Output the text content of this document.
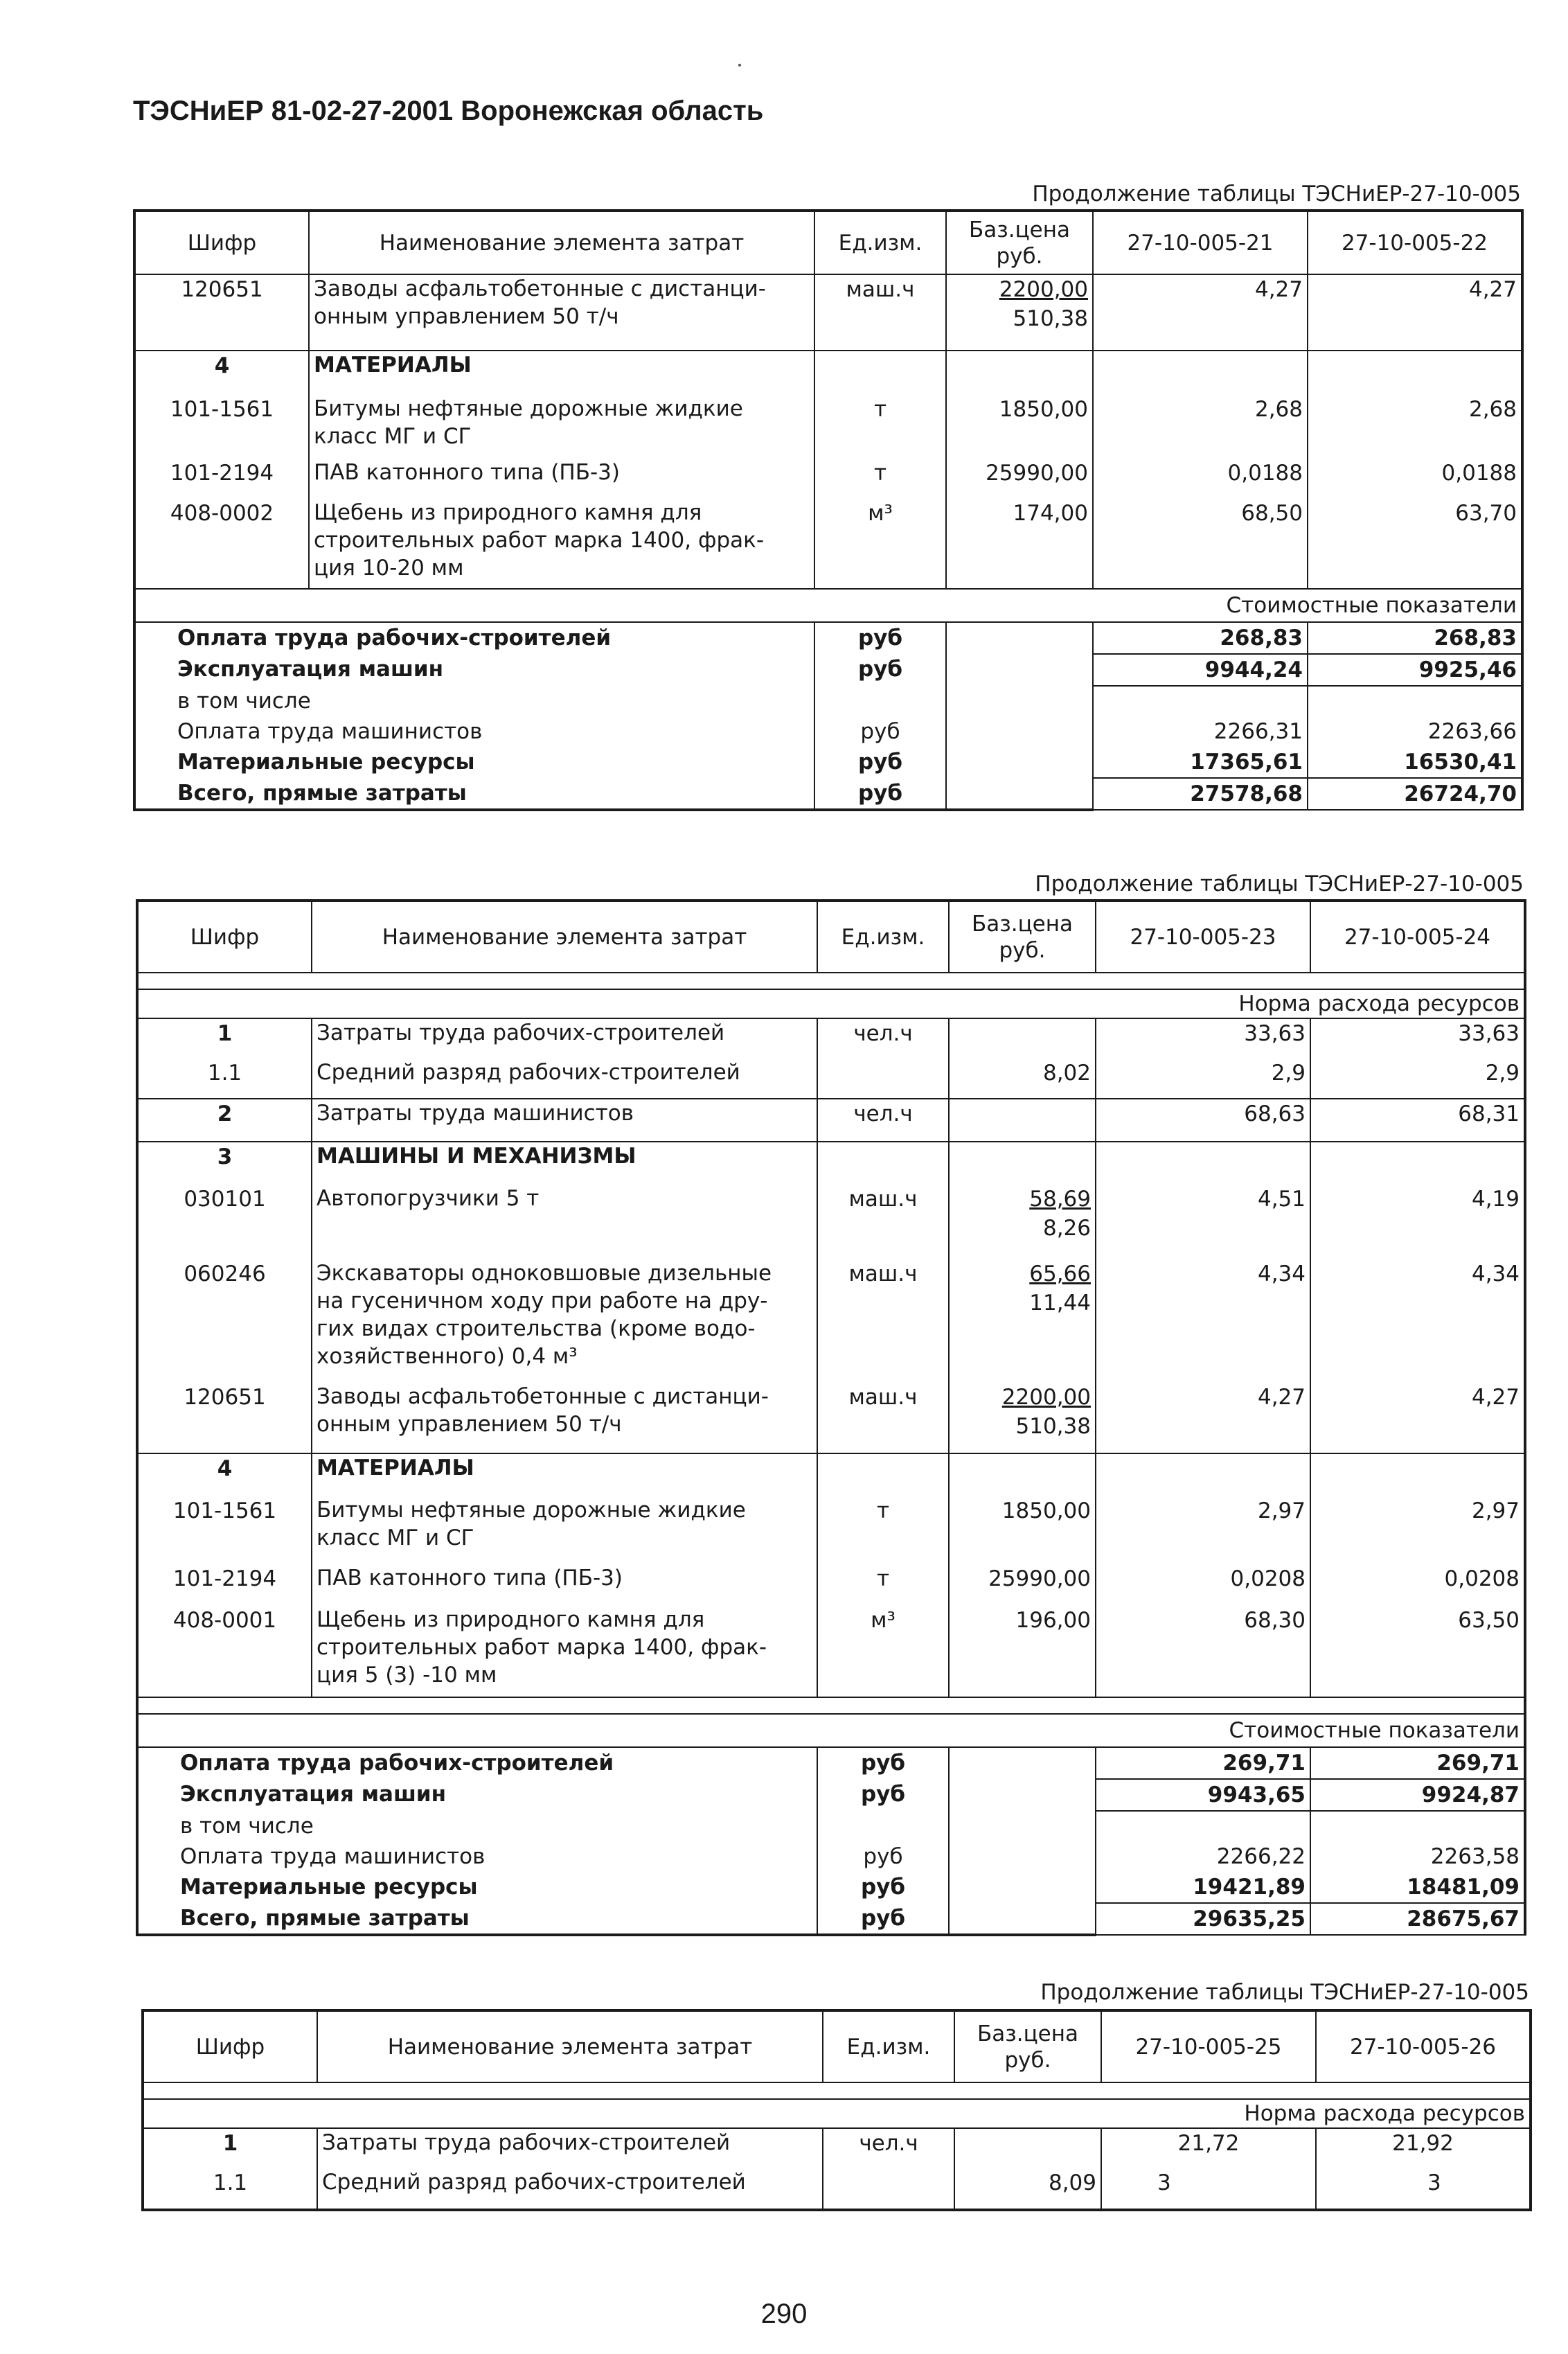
ТЭСНиЕР 81-02-27-2001 Воронежская область
Продолжение таблицы ТЭСНиЕР-27-10-005
Шифр	Наименование элемента затрат	Ед.изм.	Баз.цена руб.	27-10-005-21	27-10-005-22
120651	Заводы асфальтобетонные с дистанци-
онным управлением 50 т/ч	маш.ч	2200,00
510,38	4,27	4,27
4	МАТЕРИАЛЫ				
101-1561	Битумы нефтяные дорожные жидкие
класс МГ и СГ	т	1850,00	2,68	2,68
101-2194	ПАВ катонного типа (ПБ-3)	т	25990,00	0,0188	0,0188
408-0002	Щебень из природного камня для
строительных работ марка 1400, фрак-
ция 10-20 мм	м³	174,00	68,50	63,70
Стоимостные показатели					
Оплата труда рабочих-строителей		руб		268,83	268,83
Эксплуатация машин		руб		9944,24	9925,46
в том числе					
Оплата труда машинистов		руб		2266,31	2263,66
Материальные ресурсы		руб		17365,61	16530,41
Всего, прямые затраты		руб		27578,68	26724,70
Продолжение таблицы ТЭСНиЕР-27-10-005
Шифр	Наименование элемента затрат	Ед.изм.	Баз.цена руб.	27-10-005-23	27-10-005-24

Норма расхода ресурсов					
1	Затраты труда рабочих-строителей	чел.ч		33,63	33,63
1.1	Средний разряд рабочих-строителей		8,02	2,9	2,9
2	Затраты труда машинистов	чел.ч		68,63	68,31
3	МАШИНЫ И МЕХАНИЗМЫ				
030101	Автопогрузчики 5 т	маш.ч	58,69
8,26	4,51	4,19
060246	Экскаваторы одноковшовые дизельные
на гусеничном ходу при работе на дру-
гих видах строительства (кроме водо-
хозяйственного) 0,4 м³	маш.ч	65,66
11,44	4,34	4,34
120651	Заводы асфальтобетонные с дистанци-
онным управлением 50 т/ч	маш.ч	2200,00
510,38	4,27	4,27
4	МАТЕРИАЛЫ				
101-1561	Битумы нефтяные дорожные жидкие
класс МГ и СГ	т	1850,00	2,97	2,97
101-2194	ПАВ катонного типа (ПБ-3)	т	25990,00	0,0208	0,0208
408-0001	Щебень из природного камня для
строительных работ марка 1400, фрак-
ция 5 (3) -10 мм	м³	196,00	68,30	63,50

Стоимостные показатели					
Оплата труда рабочих-строителей		руб		269,71	269,71
Эксплуатация машин		руб		9943,65	9924,87
в том числе					
Оплата труда машинистов		руб		2266,22	2263,58
Материальные ресурсы		руб		19421,89	18481,09
Всего, прямые затраты		руб		29635,25	28675,67
Продолжение таблицы ТЭСНиЕР-27-10-005
Шифр	Наименование элемента затрат	Ед.изм.	Баз.цена руб.	27-10-005-25	27-10-005-26

Норма расхода ресурсов					
1	Затраты труда рабочих-строителей	чел.ч		21,72	21,92
1.1	Средний разряд рабочих-строителей		8,09	3	3
290
